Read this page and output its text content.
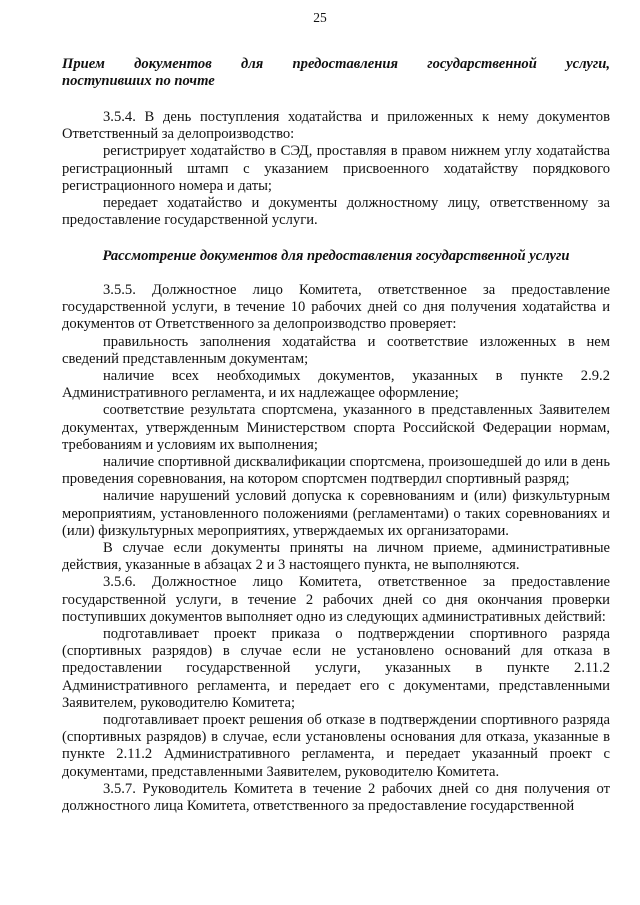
25
Прием документов для предоставления государственной услуги,
поступивших по почте

3.5.4. В день поступления ходатайства и приложенных к нему документов Ответственный за делопроизводство:

регистрирует ходатайство в СЭД, проставляя в правом нижнем углу ходатайства регистрационный штамп с указанием присвоенного ходатайству порядкового регистрационного номера и даты;

передает ходатайство и документы должностному лицу, ответственному за предоставление государственной услуги.

Рассмотрение документов для предоставления государственной услуги

3.5.5. Должностное лицо Комитета, ответственное за предоставление государственной услуги, в течение 10 рабочих дней со дня получения ходатайства и документов от Ответственного за делопроизводство проверяет:

правильность заполнения ходатайства и соответствие изложенных в нем сведений представленным документам;

наличие всех необходимых документов, указанных в пункте 2.9.2 Административного регламента, и их надлежащее оформление;

соответствие результата спортсмена, указанного в представленных Заявителем документах, утвержденным Министерством спорта Российской Федерации нормам, требованиям и условиям их выполнения;

наличие спортивной дисквалификации спортсмена, произошедшей до или в день проведения соревнования, на котором спортсмен подтвердил спортивный разряд;

наличие нарушений условий допуска к соревнованиям и (или) физкультурным мероприятиям, установленного положениями (регламентами) о таких соревнованиях и (или) физкультурных мероприятиях, утверждаемых их организаторами.

В случае если документы приняты на личном приеме, административные действия, указанные в абзацах 2 и 3 настоящего пункта, не выполняются.

3.5.6. Должностное лицо Комитета, ответственное за предоставление государственной услуги, в течение 2 рабочих дней со дня окончания проверки поступивших документов выполняет одно из следующих административных действий:

подготавливает проект приказа о подтверждении спортивного разряда (спортивных разрядов) в случае если не установлено оснований для отказа в предоставлении государственной услуги, указанных в пункте 2.11.2 Административного регламента, и передает его с документами, представленными Заявителем, руководителю Комитета;

подготавливает проект решения об отказе в подтверждении спортивного разряда (спортивных разрядов) в случае, если установлены основания для отказа, указанные в пункте 2.11.2 Административного регламента, и передает указанный проект с документами, представленными Заявителем, руководителю Комитета.

3.5.7. Руководитель Комитета в течение 2 рабочих дней со дня получения от должностного лица Комитета, ответственного за предоставление государственной
